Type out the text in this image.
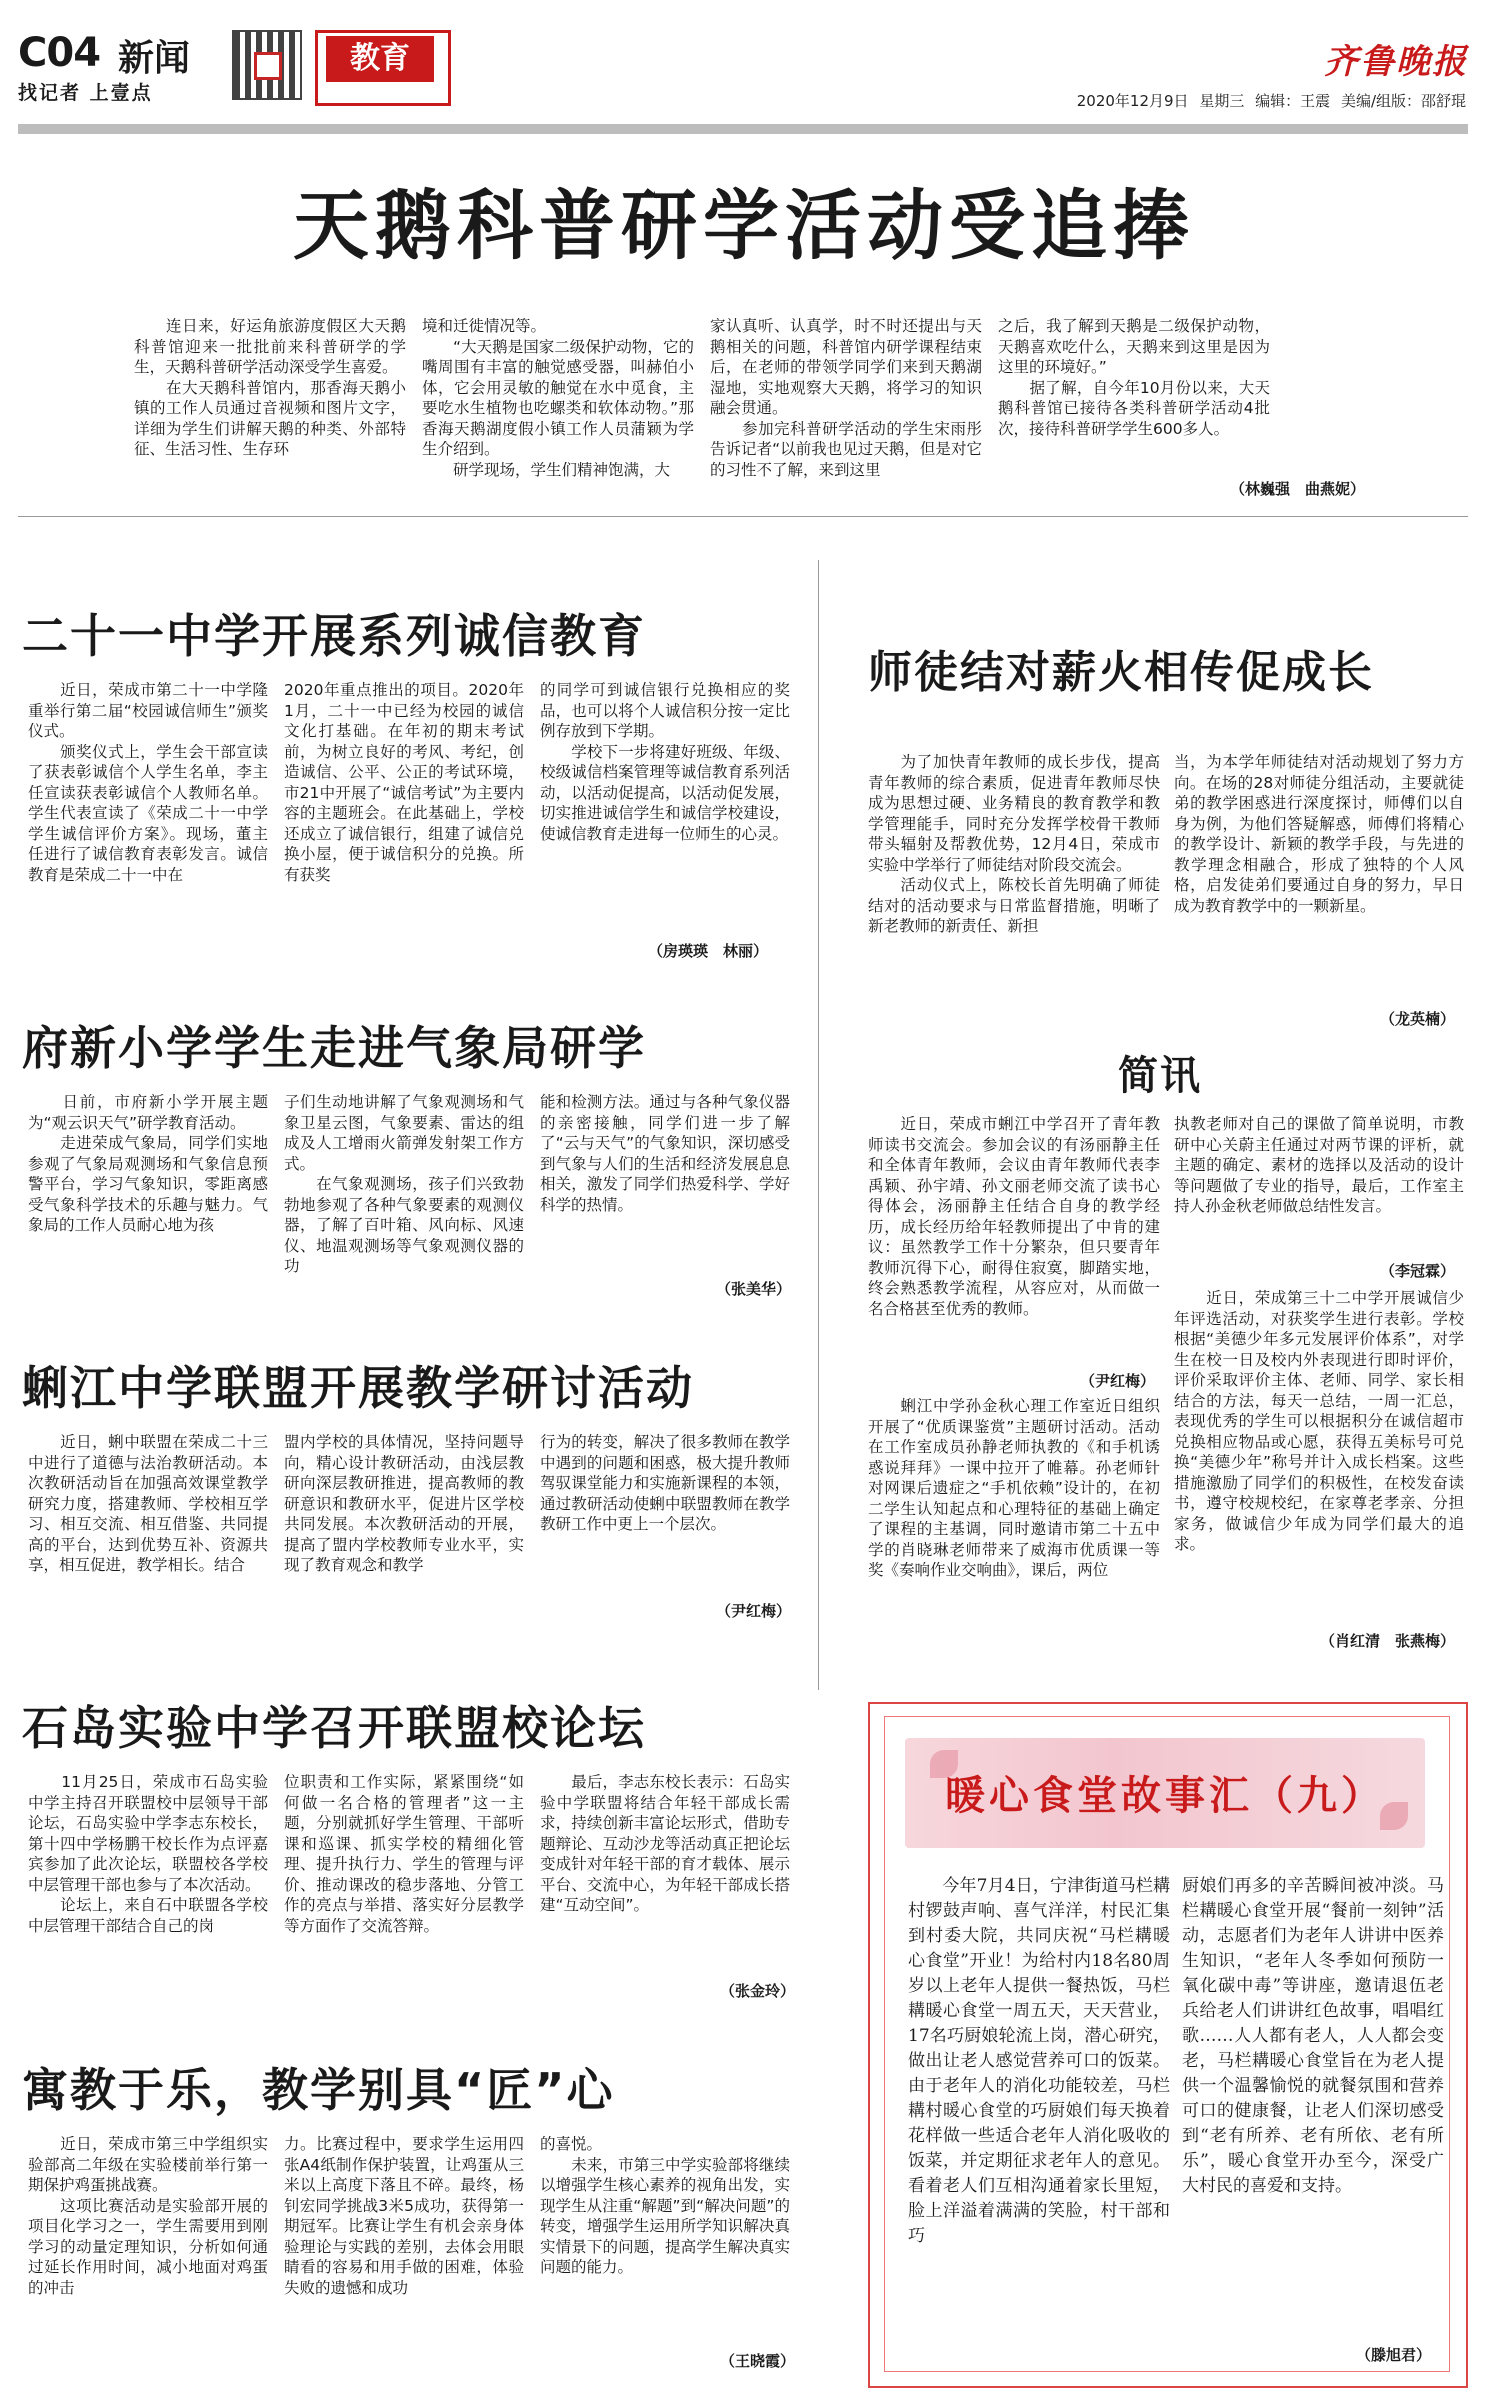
C04 新闻
找记者 上壹点
教育	齐鲁晚报
2020年12月9日 星期三 编辑：王震 美编/组版：邵舒琨
天鹅科普研学活动受追捧
　　连日来，好运角旅游度假区大天鹅科普馆迎来一批批前来科普研学的学生，天鹅科普研学活动深受学生喜爱。
　　在大天鹅科普馆内，那香海天鹅小镇的工作人员通过音视频和图片文字，详细为学生们讲解天鹅的种类、外部特征、生活习性、生存环
境和迁徙情况等。
　　“大天鹅是国家二级保护动物，它的嘴周围有丰富的触觉感受器，叫赫伯小体，它会用灵敏的触觉在水中觅食，主要吃水生植物也吃螺类和软体动物。”那香海天鹅湖度假小镇工作人员蒲颖为学生介绍到。
　　研学现场，学生们精神饱满，大
家认真听、认真学，时不时还提出与天鹅相关的问题，科普馆内研学课程结束后，在老师的带领学同学们来到天鹅湖湿地，实地观察大天鹅，将学习的知识融会贯通。
　　参加完科普研学活动的学生宋雨彤告诉记者“以前我也见过天鹅，但是对它的习性不了解，来到这里
之后，我了解到天鹅是二级保护动物，天鹅喜欢吃什么，天鹅来到这里是因为这里的环境好。”
　　据了解，自今年10月份以来，大天鹅科普馆已接待各类科普研学活动4批次，接待科普研学学生600多人。
（林巍强　曲燕妮）
二十一中学开展系列诚信教育
　　近日，荣成市第二十一中学隆重举行第二届“校园诚信师生”颁奖仪式。
　　颁奖仪式上，学生会干部宣读了获表彰诚信个人学生名单，李主任宣读获表彰诚信个人教师名单。学生代表宣读了《荣成二十一中学学生诚信评价方案》。现场，董主任进行了诚信教育表彰发言。诚信教育是荣成二十一中在
2020年重点推出的项目。2020年1月，二十一中已经为校园的诚信文化打基础。在年初的期末考试前，为树立良好的考风、考纪，创造诚信、公平、公正的考试环境，市21中开展了“诚信考试”为主要内容的主题班会。在此基础上，学校还成立了诚信银行，组建了诚信兑换小屋，便于诚信积分的兑换。所有获奖
的同学可到诚信银行兑换相应的奖品，也可以将个人诚信积分按一定比例存放到下学期。
　　学校下一步将建好班级、年级、校级诚信档案管理等诚信教育系列活动，以活动促提高，以活动促发展，切实推进诚信学生和诚信学校建设，使诚信教育走进每一位师生的心灵。
（房瑛瑛　林丽）
府新小学学生走进气象局研学
　　日前，市府新小学开展主题为“观云识天气”研学教育活动。
　　走进荣成气象局，同学们实地参观了气象局观测场和气象信息预警平台，学习气象知识，零距离感受气象科学技术的乐趣与魅力。气象局的工作人员耐心地为孩
子们生动地讲解了气象观测场和气象卫星云图，气象要素、雷达的组成及人工增雨火箭弹发射架工作方式。
　　在气象观测场，孩子们兴致勃勃地参观了各种气象要素的观测仪器，了解了百叶箱、风向标、风速仪、地温观测场等气象观测仪器的功
能和检测方法。通过与各种气象仪器的亲密接触，同学们进一步了解了“云与天气”的气象知识，深切感受到气象与人们的生活和经济发展息息相关，激发了同学们热爱科学、学好科学的热情。
（张美华）
蜊江中学联盟开展教学研讨活动
　　近日，蜊中联盟在荣成二十三中进行了道德与法治教研活动。本次教研活动旨在加强高效课堂教学研究力度，搭建教师、学校相互学习、相互交流、相互借鉴、共同提高的平台，达到优势互补、资源共享，相互促进，教学相长。结合
盟内学校的具体情况，坚持问题导向，精心设计教研活动，由浅层教研向深层教研推进，提高教师的教研意识和教研水平，促进片区学校共同发展。本次教研活动的开展，提高了盟内学校教师专业水平，实现了教育观念和教学
行为的转变，解决了很多教师在教学中遇到的问题和困惑，极大提升教师驾驭课堂能力和实施新课程的本领，通过教研活动使蜊中联盟教师在教学教研工作中更上一个层次。
（尹红梅）
石岛实验中学召开联盟校论坛
　　11月25日，荣成市石岛实验中学主持召开联盟校中层领导干部论坛，石岛实验中学李志东校长，第十四中学杨鹏干校长作为点评嘉宾参加了此次论坛，联盟校各学校中层管理干部也参与了本次活动。
　　论坛上，来自石中联盟各学校中层管理干部结合自己的岗
位职责和工作实际，紧紧围绕“如何做一名合格的管理者”这一主题，分别就抓好学生管理、干部听课和巡课、抓实学校的精细化管理、提升执行力、学生的管理与评价、推动课改的稳步落地、分管工作的亮点与举措、落实好分层教学等方面作了交流答辩。
　　最后，李志东校长表示：石岛实验中学联盟将结合年轻干部成长需求，持续创新丰富论坛形式，借助专题辩论、互动沙龙等活动真正把论坛变成针对年轻干部的育才载体、展示平台、交流中心，为年轻干部成长搭建“互动空间”。
（张金玲）
寓教于乐，教学别具“匠”心
　　近日，荣成市第三中学组织实验部高二年级在实验楼前举行第一期保护鸡蛋挑战赛。
　　这项比赛活动是实验部开展的项目化学习之一，学生需要用到刚学习的动量定理知识，分析如何通过延长作用时间，减小地面对鸡蛋的冲击
力。比赛过程中，要求学生运用四张A4纸制作保护装置，让鸡蛋从三米以上高度下落且不碎。最终，杨钊宏同学挑战3米5成功，获得第一期冠军。比赛让学生有机会亲身体验理论与实践的差别，去体会用眼睛看的容易和用手做的困难，体验失败的遗憾和成功
的喜悦。
　　未来，市第三中学实验部将继续以增强学生核心素养的视角出发，实现学生从注重“解题”到“解决问题”的转变，增强学生运用所学知识解决真实情景下的问题，提高学生解决真实问题的能力。
（王晓霞）
师徒结对薪火相传促成长
　　为了加快青年教师的成长步伐，提高青年教师的综合素质，促进青年教师尽快成为思想过硬、业务精良的教育教学和教学管理能手，同时充分发挥学校骨干教师带头辐射及帮教优势，12月4日，荣成市实验中学举行了师徒结对阶段交流会。
　　活动仪式上，陈校长首先明确了师徒结对的活动要求与日常监督措施，明晰了新老教师的新责任、新担
当，为本学年师徒结对活动规划了努力方向。在场的28对师徒分组活动，主要就徒弟的教学困惑进行深度探讨，师傅们以自身为例，为他们答疑解惑，师傅们将精心的教学设计、新颖的教学手段，与先进的教学理念相融合，形成了独特的个人风格，启发徒弟们要通过自身的努力，早日成为教育教学中的一颗新星。
（龙英楠）
简讯
　　近日，荣成市蜊江中学召开了青年教师读书交流会。参加会议的有汤丽静主任和全体青年教师，会议由青年教师代表李禹颖、孙宇靖、孙文丽老师交流了读书心得体会，汤丽静主任结合自身的教学经历，成长经历给年轻教师提出了中肯的建议：虽然教学工作十分繁杂，但只要青年教师沉得下心，耐得住寂寞，脚踏实地，终会熟悉教学流程，从容应对，从而做一名合格甚至优秀的教师。
（尹红梅）
　　蜊江中学孙金秋心理工作室近日组织开展了“优质课鉴赏”主题研讨活动。活动在工作室成员孙静老师执教的《和手机诱惑说拜拜》一课中拉开了帷幕。孙老师针对网课后遗症之“手机依赖”设计的，在初二学生认知起点和心理特征的基础上确定了课程的主基调，同时邀请市第二十五中学的肖晓琳老师带来了威海市优质课一等奖《奏响作业交响曲》，课后，两位
执教老师对自己的课做了简单说明，市教研中心关蔚主任通过对两节课的评析，就主题的确定、素材的选择以及活动的设计等问题做了专业的指导，最后，工作室主持人孙金秋老师做总结性发言。
（李冠霖）
　　近日，荣成第三十二中学开展诚信少年评选活动，对获奖学生进行表彰。学校根据“美德少年多元发展评价体系”，对学生在校一日及校内外表现进行即时评价，评价采取评价主体、老师、同学、家长相结合的方法，每天一总结，一周一汇总，表现优秀的学生可以根据积分在诚信超市兑换相应物品或心愿，获得五美标号可兑换“美德少年”称号并计入成长档案。这些措施激励了同学们的积极性，在校发奋读书，遵守校规校纪，在家尊老孝亲、分担家务，做诚信少年成为同学们最大的追求。
（肖红清　张燕梅）
暖心食堂故事汇（九）
　　今年7月4日，宁津街道马栏耩村锣鼓声响、喜气洋洋，村民汇集到村委大院，共同庆祝“马栏耩暖心食堂”开业！为给村内18名80周岁以上老年人提供一餐热饭，马栏耩暖心食堂一周五天，天天营业，17名巧厨娘轮流上岗，潜心研究，做出让老人感觉营养可口的饭菜。由于老年人的消化功能较差，马栏耩村暖心食堂的巧厨娘们每天换着花样做一些适合老年人消化吸收的饭菜，并定期征求老年人的意见。看着老人们互相沟通着家长里短，脸上洋溢着满满的笑脸，村干部和巧
厨娘们再多的辛苦瞬间被冲淡。马栏耩暖心食堂开展“餐前一刻钟”活动，志愿者们为老年人讲讲中医养生知识，“老年人冬季如何预防一氧化碳中毒”等讲座，邀请退伍老兵给老人们讲讲红色故事，唱唱红歌……人人都有老人，人人都会变老，马栏耩暖心食堂旨在为老人提供一个温馨愉悦的就餐氛围和营养可口的健康餐，让老人们深切感受到“老有所养、老有所依、老有所乐”，暖心食堂开办至今，深受广大村民的喜爱和支持。
（滕旭君）
